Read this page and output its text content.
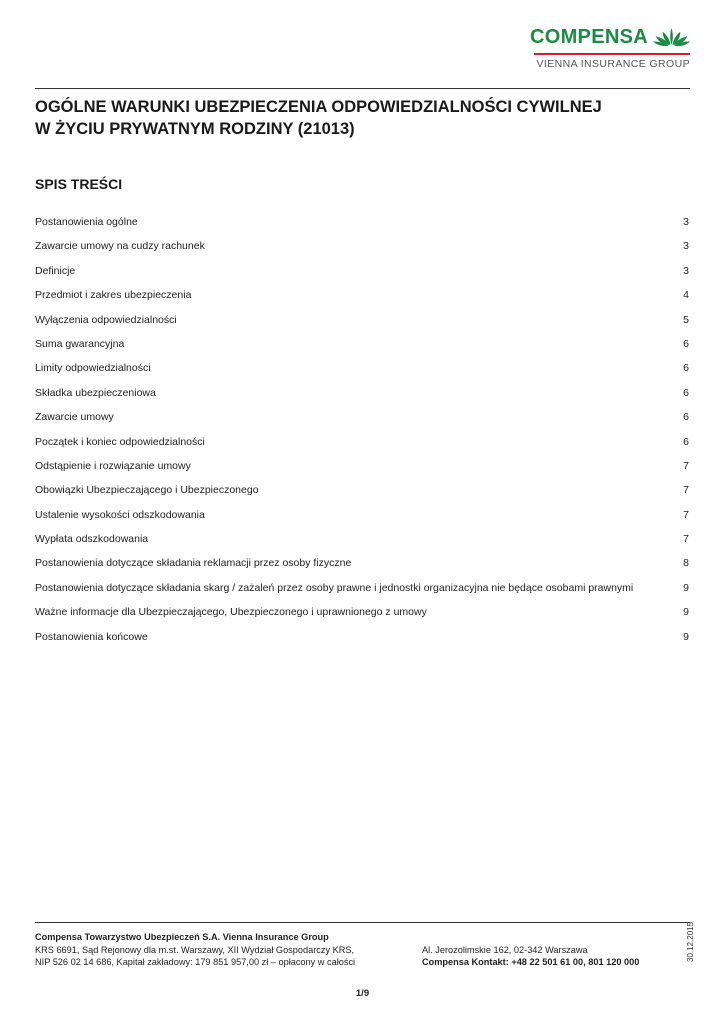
COMPENSA
VIENNA INSURANCE GROUP
OGÓLNE WARUNKI UBEZPIECZENIA ODPOWIEDZIALNOŚCI CYWILNEJ
W ŻYCIU PRYWATNYM RODZINY (21013)
SPIS TREŚCI
Postanowienia ogólne	3
Zawarcie umowy na cudzy rachunek	3
Definicje	3
Przedmiot i zakres ubezpieczenia	4
Wyłączenia odpowiedzialności	5
Suma gwarancyjna	6
Limity odpowiedzialności	6
Składka ubezpieczeniowa	6
Zawarcie umowy	6
Początek i koniec odpowiedzialności	6
Odstąpienie i rozwiązanie umowy	7
Obowiązki Ubezpieczającego i Ubezpieczonego	7
Ustalenie wysokości odszkodowania	7
Wypłata odszkodowania	7
Postanowienia dotyczące składania reklamacji przez osoby fizyczne	8
Postanowienia dotyczące składania skarg / zażaleń przez osoby prawne i jednostki organizacyjna nie będące osobami prawnymi	9
Ważne informacje dla Ubezpieczającego, Ubezpieczonego i uprawnionego z umowy	9
Postanowienia końcowe	9
Compensa Towarzystwo Ubezpieczeń S.A. Vienna Insurance Group
KRS 6691, Sąd Rejonowy dla m.st. Warszawy, XII Wydział Gospodarczy KRS,
NIP 526 02 14 686, Kapitał zakładowy: 179 851 957,00 zł – opłacony w całości
Al. Jerozolimskie 162, 02-342 Warszawa
Compensa Kontakt: +48 22 501 61 00, 801 120 000	30.12.2015
1/9
